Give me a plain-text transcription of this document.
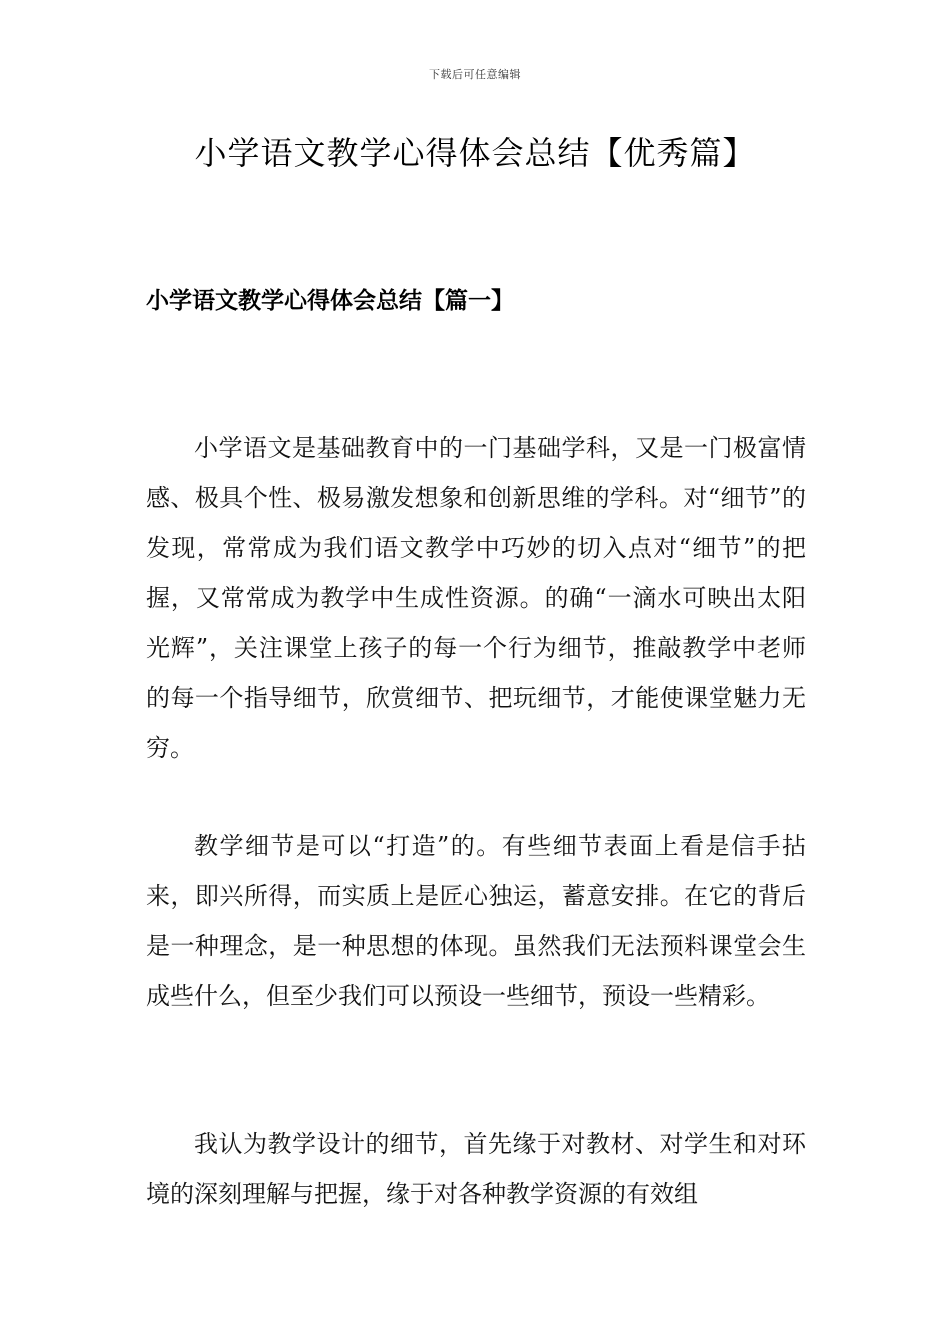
下载后可任意编辑
小学语文教学心得体会总结【优秀篇】
小学语文教学心得体会总结【篇一】

小学语文是基础教育中的一门基础学科，又是一门极富情感、极具个性、极易激发想象和创新思维的学科。对“细节”的发现，常常成为我们语文教学中巧妙的切入点对“细节”的把握，又常常成为教学中生成性资源。的确“一滴水可映出太阳光辉”，关注课堂上孩子的每一个行为细节，推敲教学中老师的每一个指导细节，欣赏细节、把玩细节，才能使课堂魅力无穷。

教学细节是可以“打造”的。有些细节表面上看是信手拈来，即兴所得，而实质上是匠心独运，蓄意安排。在它的背后是一种理念，是一种思想的体现。虽然我们无法预料课堂会生成些什么，但至少我们可以预设一些细节，预设一些精彩。

我认为教学设计的细节，首先缘于对教材、对学生和对环境的深刻理解与把握，缘于对各种教学资源的有效组
